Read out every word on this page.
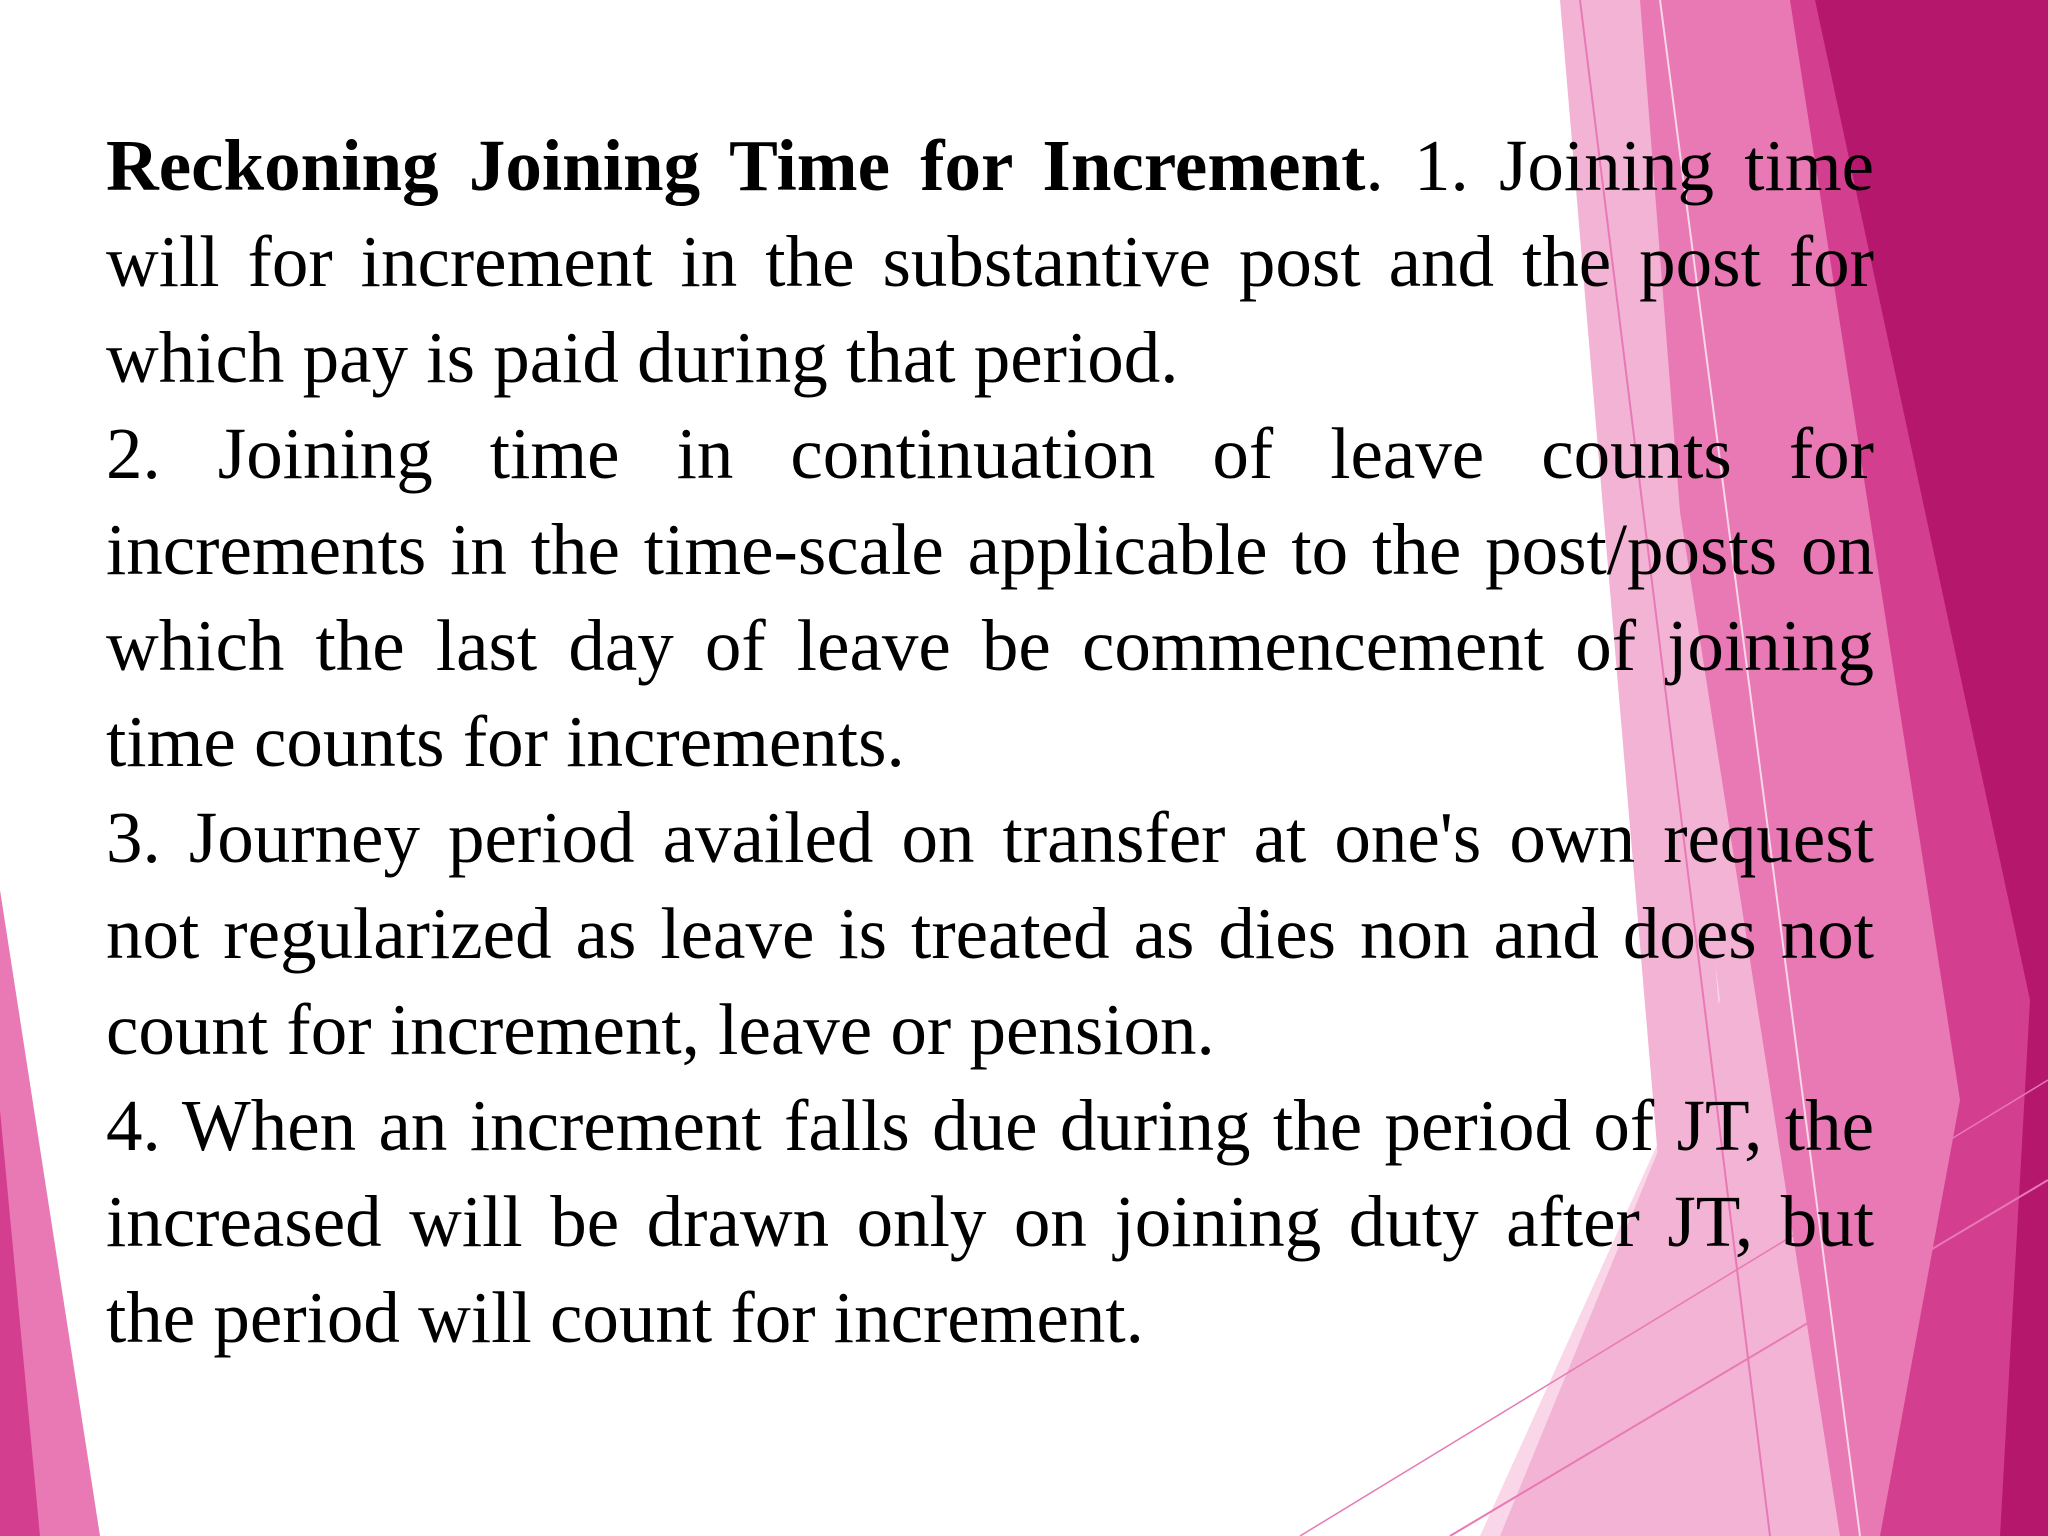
Reckoning Joining Time for Increment. 1. Joining time will for increment in the substantive post and the post for which pay is paid during that period.

2. Joining time in continuation of leave counts for increments in the time-scale applicable to the post/posts on which the last day of leave be commencement of joining time counts for increments.

3. Journey period availed on transfer at one's own request not regularized as leave is treated as dies non and does not count for increment, leave or pension.

4. When an increment falls due during the period of JT, the increased will be drawn only on joining duty after JT, but the period will count for increment.
